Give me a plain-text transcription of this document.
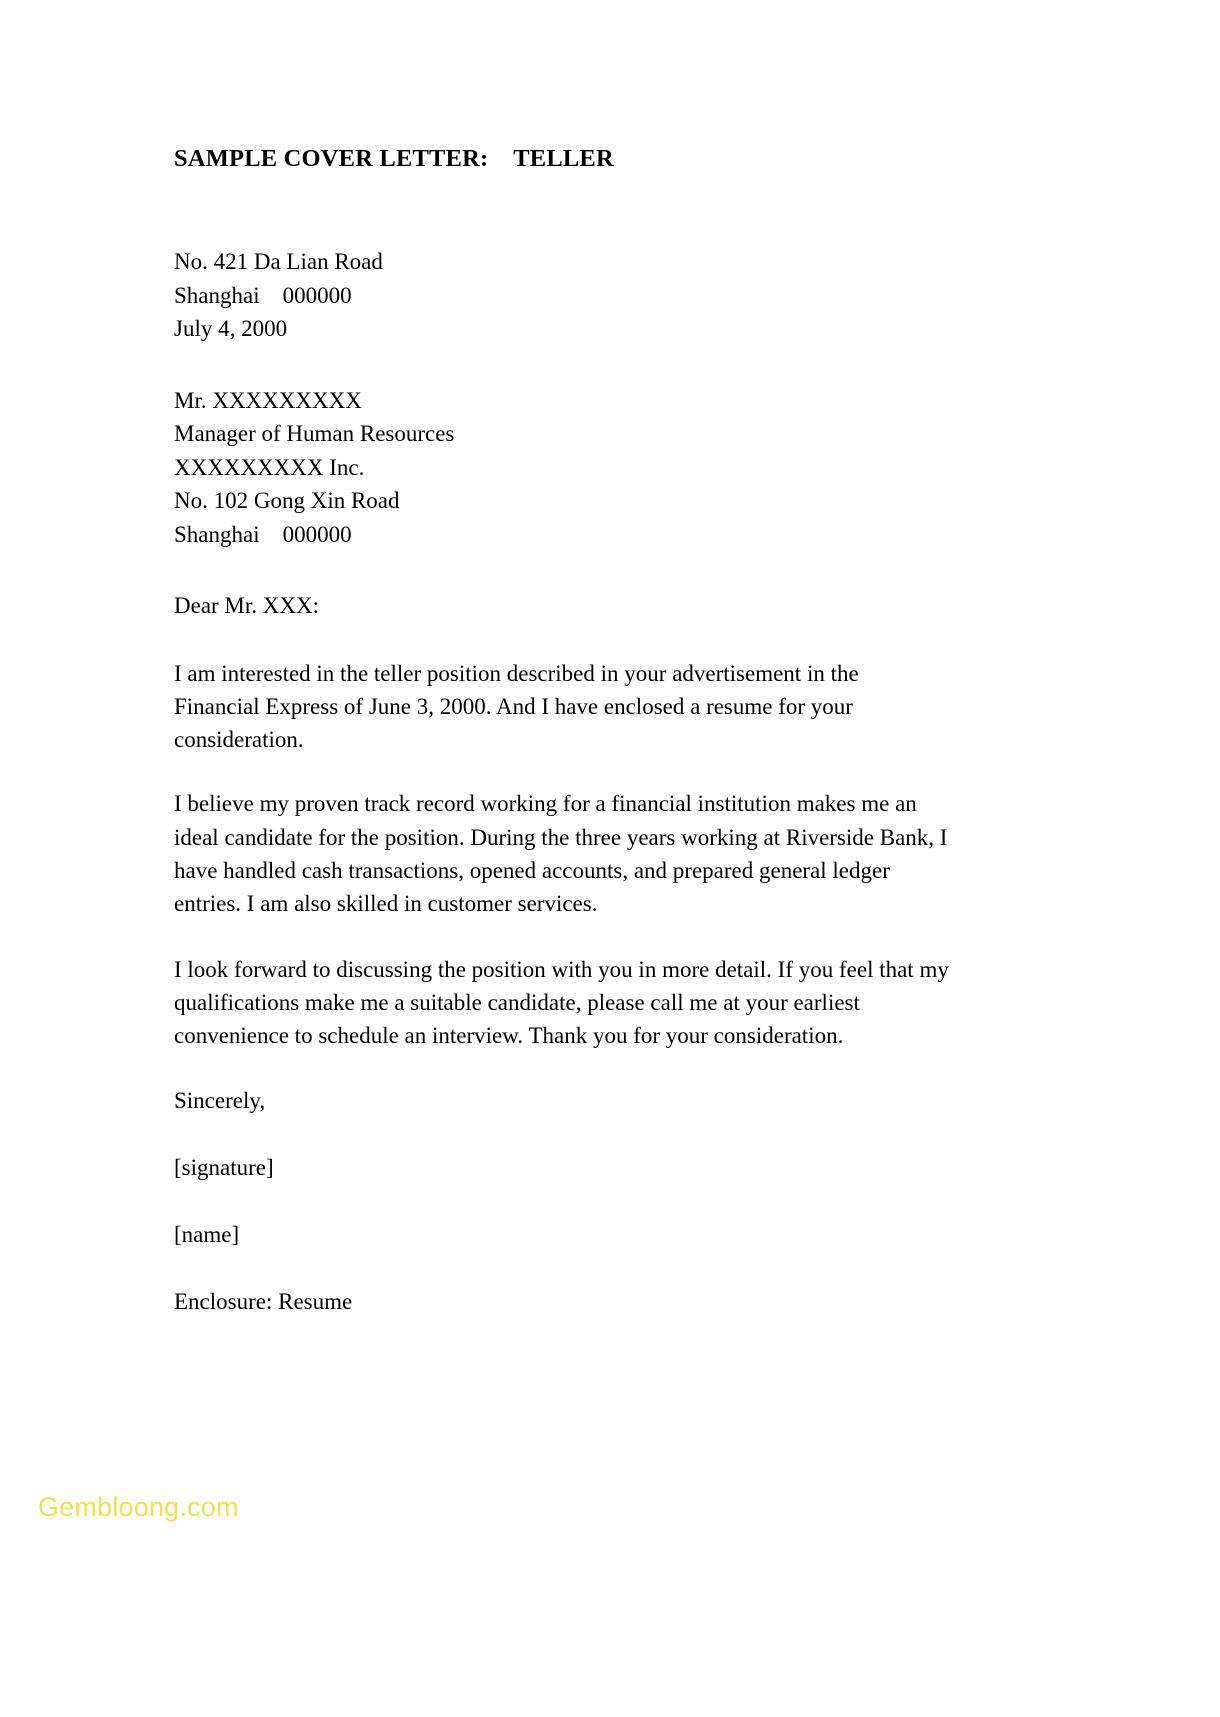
SAMPLE COVER LETTER:    TELLER
No. 421 Da Lian Road
Shanghai    000000
July 4, 2000
Mr. XXXXXXXXX
Manager of Human Resources
XXXXXXXXX Inc.
No. 102 Gong Xin Road
Shanghai    000000
Dear Mr. XXX:

I am interested in the teller position described in your advertisement in the Financial Express of June 3, 2000. And I have enclosed a resume for your consideration.

I believe my proven track record working for a financial institution makes me an ideal candidate for the position. During the three years working at Riverside Bank, I have handled cash transactions, opened accounts, and prepared general ledger entries. I am also skilled in customer services.

I look forward to discussing the position with you in more detail. If you feel that my qualifications make me a suitable candidate, please call me at your earliest convenience to schedule an interview. Thank you for your consideration.

Sincerely,
[signature]
[name]
Enclosure: Resume
Gembloong.com
